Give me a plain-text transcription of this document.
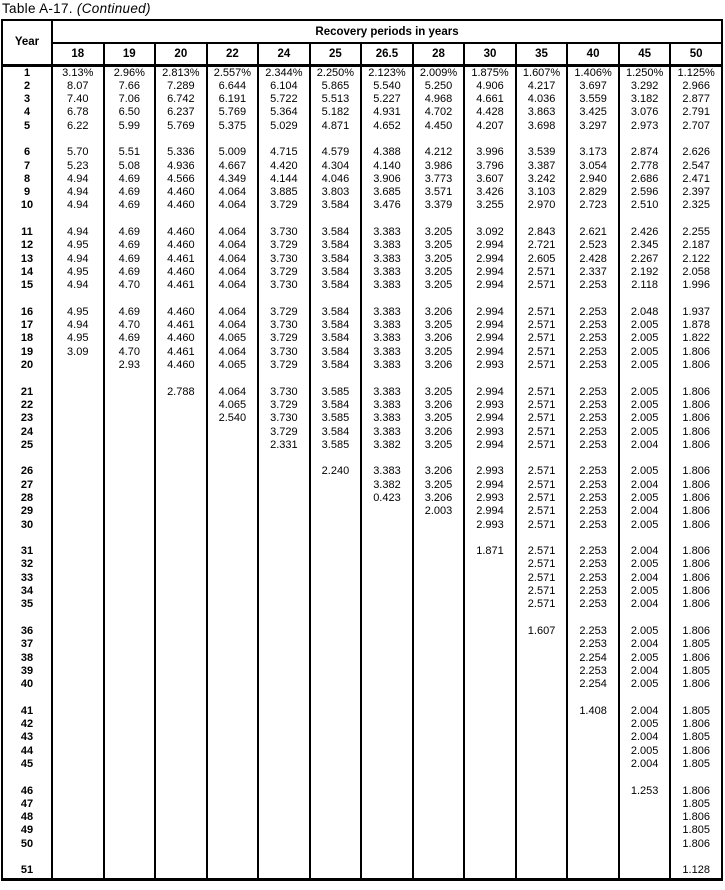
Table A-17. (Continued)
Year	Recovery periods in years												
	18	19	20	22	24	25	26.5	28	30	35	40	45	50
1	3.13%	2.96%	2.813%	2.557%	2.344%	2.250%	2.123%	2.009%	1.875%	1.607%	1.406%	1.250%	1.125%
2	8.07	7.66	7.289	6.644	6.104	5.865	5.540	5.250	4.906	4.217	3.697	3.292	2.966
3	7.40	7.06	6.742	6.191	5.722	5.513	5.227	4.968	4.661	4.036	3.559	3.182	2.877
4	6.78	6.50	6.237	5.769	5.364	5.182	4.931	4.702	4.428	3.863	3.425	3.076	2.791
5	6.22	5.99	5.769	5.375	5.029	4.871	4.652	4.450	4.207	3.698	3.297	2.973	2.707

6	5.70	5.51	5.336	5.009	4.715	4.579	4.388	4.212	3.996	3.539	3.173	2.874	2.626
7	5.23	5.08	4.936	4.667	4.420	4.304	4.140	3.986	3.796	3.387	3.054	2.778	2.547
8	4.94	4.69	4.566	4.349	4.144	4.046	3.906	3.773	3.607	3.242	2.940	2.686	2.471
9	4.94	4.69	4.460	4.064	3.885	3.803	3.685	3.571	3.426	3.103	2.829	2.596	2.397
10	4.94	4.69	4.460	4.064	3.729	3.584	3.476	3.379	3.255	2.970	2.723	2.510	2.325

11	4.94	4.69	4.460	4.064	3.730	3.584	3.383	3.205	3.092	2.843	2.621	2.426	2.255
12	4.95	4.69	4.460	4.064	3.729	3.584	3.383	3.205	2.994	2.721	2.523	2.345	2.187
13	4.94	4.69	4.461	4.064	3.730	3.584	3.383	3.205	2.994	2.605	2.428	2.267	2.122
14	4.95	4.69	4.460	4.064	3.729	3.584	3.383	3.205	2.994	2.571	2.337	2.192	2.058
15	4.94	4.70	4.461	4.064	3.730	3.584	3.383	3.205	2.994	2.571	2.253	2.118	1.996

16	4.95	4.69	4.460	4.064	3.729	3.584	3.383	3.206	2.994	2.571	2.253	2.048	1.937
17	4.94	4.70	4.461	4.064	3.730	3.584	3.383	3.205	2.994	2.571	2.253	2.005	1.878
18	4.95	4.69	4.460	4.065	3.729	3.584	3.383	3.206	2.994	2.571	2.253	2.005	1.822
19	3.09	4.70	4.461	4.064	3.730	3.584	3.383	3.205	2.994	2.571	2.253	2.005	1.806
20		2.93	4.460	4.065	3.729	3.584	3.383	3.206	2.993	2.571	2.253	2.005	1.806

21			2.788	4.064	3.730	3.585	3.383	3.205	2.994	2.571	2.253	2.005	1.806
22				4.065	3.729	3.584	3.383	3.206	2.993	2.571	2.253	2.005	1.806
23				2.540	3.730	3.585	3.383	3.205	2.994	2.571	2.253	2.005	1.806
24					3.729	3.584	3.383	3.206	2.993	2.571	2.253	2.005	1.806
25					2.331	3.585	3.382	3.205	2.994	2.571	2.253	2.004	1.806

26						2.240	3.383	3.206	2.993	2.571	2.253	2.005	1.806
27							3.382	3.205	2.994	2.571	2.253	2.004	1.806
28							0.423	3.206	2.993	2.571	2.253	2.005	1.806
29								2.003	2.994	2.571	2.253	2.004	1.806
30									2.993	2.571	2.253	2.005	1.806

31									1.871	2.571	2.253	2.004	1.806
32										2.571	2.253	2.005	1.806
33										2.571	2.253	2.004	1.806
34										2.571	2.253	2.005	1.806
35										2.571	2.253	2.004	1.806

36										1.607	2.253	2.005	1.806
37											2.253	2.004	1.805
38											2.254	2.005	1.806
39											2.253	2.004	1.805
40											2.254	2.005	1.806

41											1.408	2.004	1.805
42												2.005	1.806
43												2.004	1.805
44												2.005	1.806
45												2.004	1.805

46												1.253	1.806
47													1.805
48													1.806
49													1.805
50													1.806

51													1.128
